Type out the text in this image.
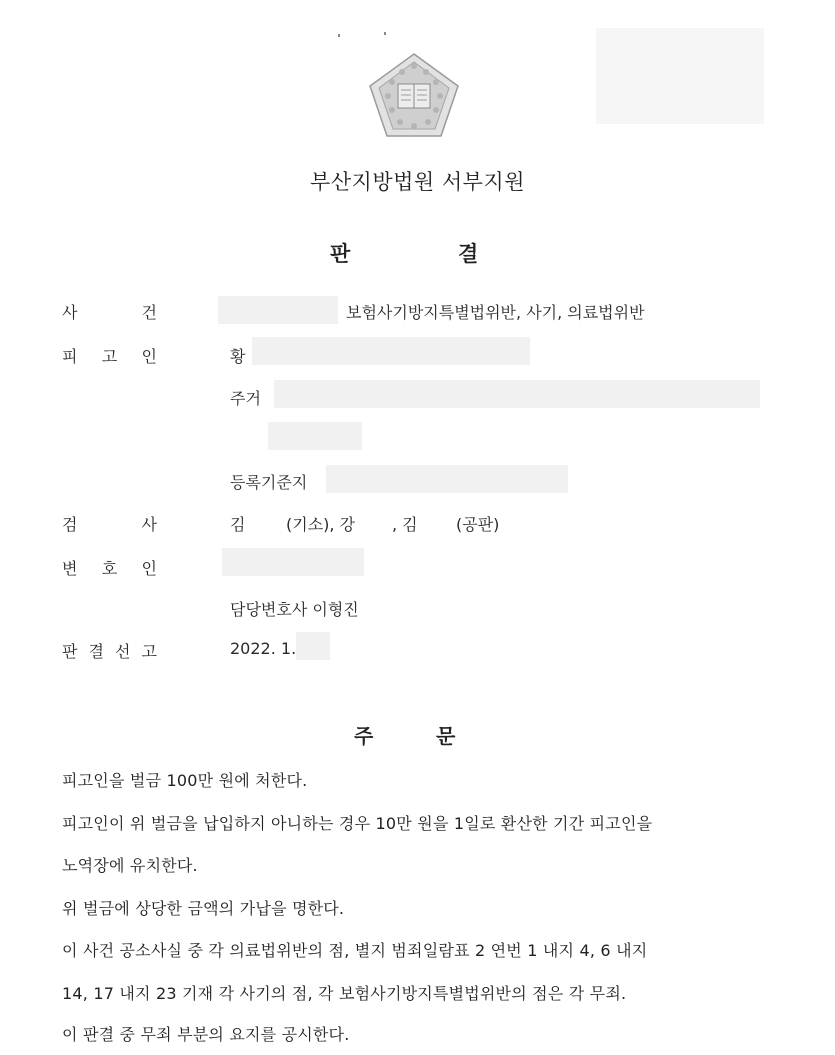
부산지방법원 서부지원
판	결
사	건	보험사기방지특별법위반, 사기, 의료법위반
피 고 인	황
주거
등록기준지
검	사	김	(기소), 강 , 김 (공판)
변 호 인
담당변호사 이형진
판 결 선 고	2022. 1.
주	문
피고인을 벌금 100만 원에 처한다.
피고인이 위 벌금을 납입하지 아니하는 경우 10만 원을 1일로 환산한 기간 피고인을
노역장에 유치한다.
위 벌금에 상당한 금액의 가납을 명한다.
이 사건 공소사실 중 각 의료법위반의 점, 별지 범죄일람표 2 연번 1 내지 4, 6 내지
14, 17 내지 23 기재 각 사기의 점, 각 보험사기방지특별법위반의 점은 각 무죄.
이 판결 중 무죄 부분의 요지를 공시한다.
